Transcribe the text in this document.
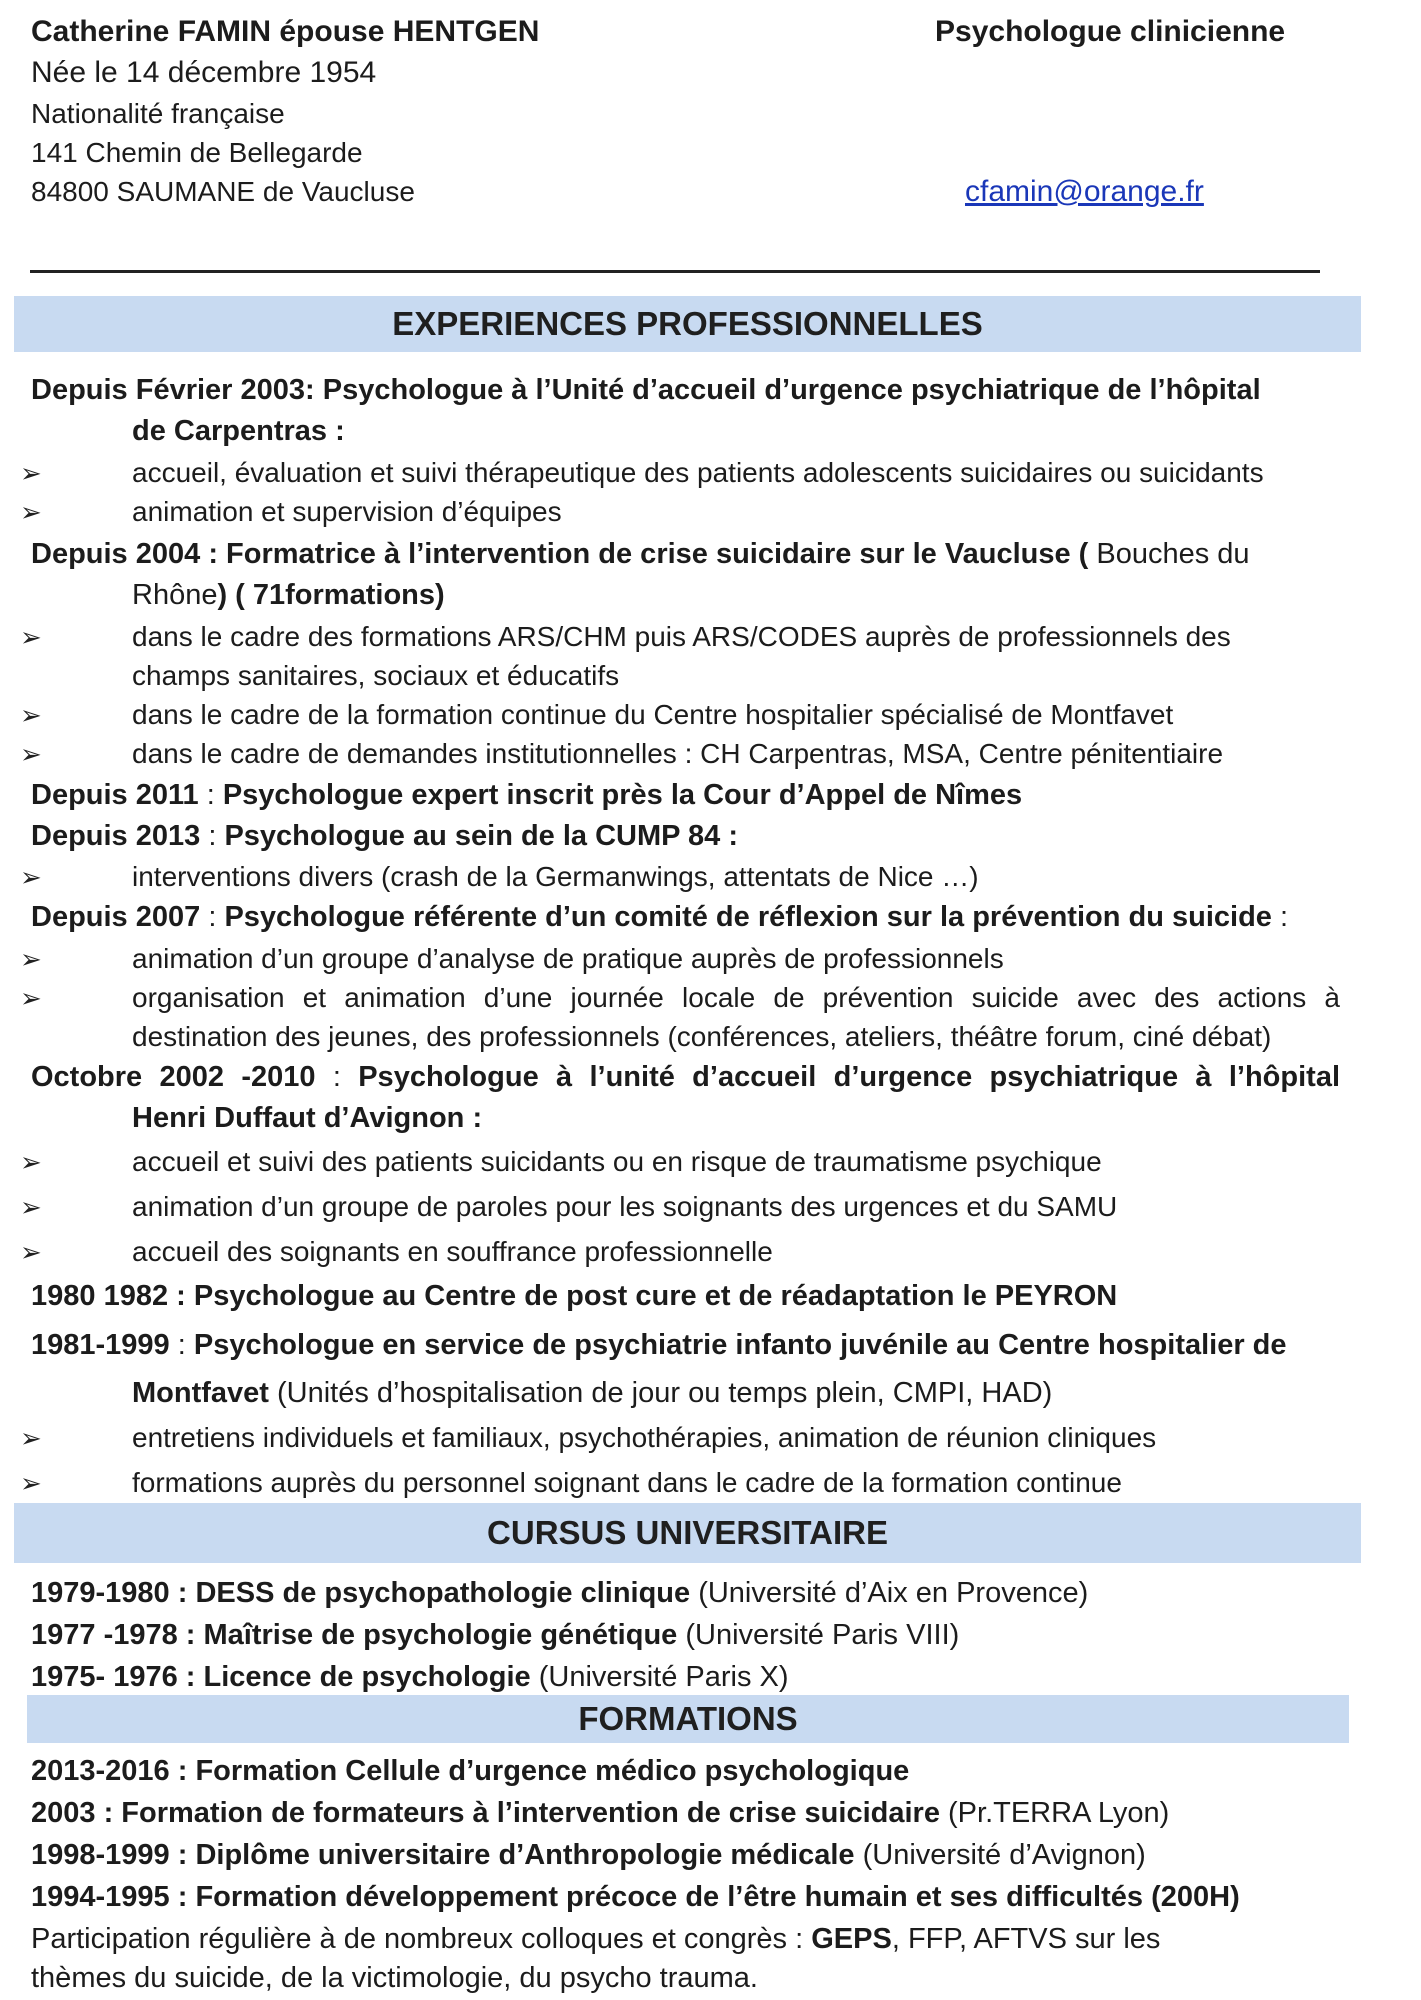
Catherine FAMIN épouse HENTGEN	Psychologue clinicienne
Née le 14 décembre 1954
Nationalité française
141 Chemin de Bellegarde
84800 SAUMANE de Vaucluse	cfamin@orange.fr
EXPERIENCES PROFESSIONNELLES
Depuis Février 2003: Psychologue à l’Unité d’accueil d’urgence psychiatrique de l’hôpital
de Carpentras :
➢	accueil, évaluation et suivi thérapeutique des patients adolescents suicidaires ou suicidants
➢	animation et supervision d’équipes
Depuis 2004 : Formatrice à l’intervention de crise suicidaire sur le Vaucluse ( Bouches du
Rhône) ( 71formations)
➢	dans le cadre des formations ARS/CHM puis ARS/CODES auprès de professionnels des
champs sanitaires, sociaux et éducatifs
➢	dans le cadre de la formation continue du Centre hospitalier spécialisé de Montfavet
➢	dans le cadre de demandes institutionnelles : CH Carpentras, MSA, Centre pénitentiaire
Depuis 2011 : Psychologue expert inscrit près la Cour d’Appel de Nîmes
Depuis 2013 : Psychologue au sein de la CUMP 84 :
➢	interventions divers (crash de la Germanwings, attentats de Nice …)
Depuis 2007 : Psychologue référente d’un comité de réflexion sur la prévention du suicide :
➢	animation d’un groupe d’analyse de pratique auprès de professionnels
➢	organisation et animation d’une journée locale de prévention suicide avec des actions à
destination des jeunes, des professionnels (conférences, ateliers, théâtre forum, ciné débat)
Octobre 2002 -2010 : Psychologue à l’unité d’accueil d’urgence psychiatrique à l’hôpital
Henri Duffaut d’Avignon :
➢	accueil et suivi des patients suicidants ou en risque de traumatisme psychique
➢	animation d’un groupe de paroles pour les soignants des urgences et du SAMU
➢	accueil des soignants en souffrance professionnelle
1980 1982 : Psychologue au Centre de post cure et de réadaptation le PEYRON
1981-1999 : Psychologue en service de psychiatrie infanto juvénile au Centre hospitalier de
Montfavet (Unités d’hospitalisation de jour ou temps plein, CMPI, HAD)
➢	entretiens individuels et familiaux, psychothérapies, animation de réunion cliniques
➢	formations auprès du personnel soignant dans le cadre de la formation continue
CURSUS UNIVERSITAIRE
1979-1980 : DESS de psychopathologie clinique (Université d’Aix en Provence)
1977 -1978 : Maîtrise de psychologie génétique (Université Paris VIII)
1975- 1976 : Licence de psychologie (Université Paris X)
FORMATIONS
2013-2016 : Formation Cellule d’urgence médico psychologique
2003 : Formation de formateurs à l’intervention de crise suicidaire (Pr.TERRA Lyon)
1998-1999 : Diplôme universitaire d’Anthropologie médicale (Université d’Avignon)
1994-1995 : Formation développement précoce de l’être humain et ses difficultés (200H)
Participation régulière à de nombreux colloques et congrès : GEPS, FFP, AFTVS sur les
thèmes du suicide, de la victimologie, du psycho trauma.
